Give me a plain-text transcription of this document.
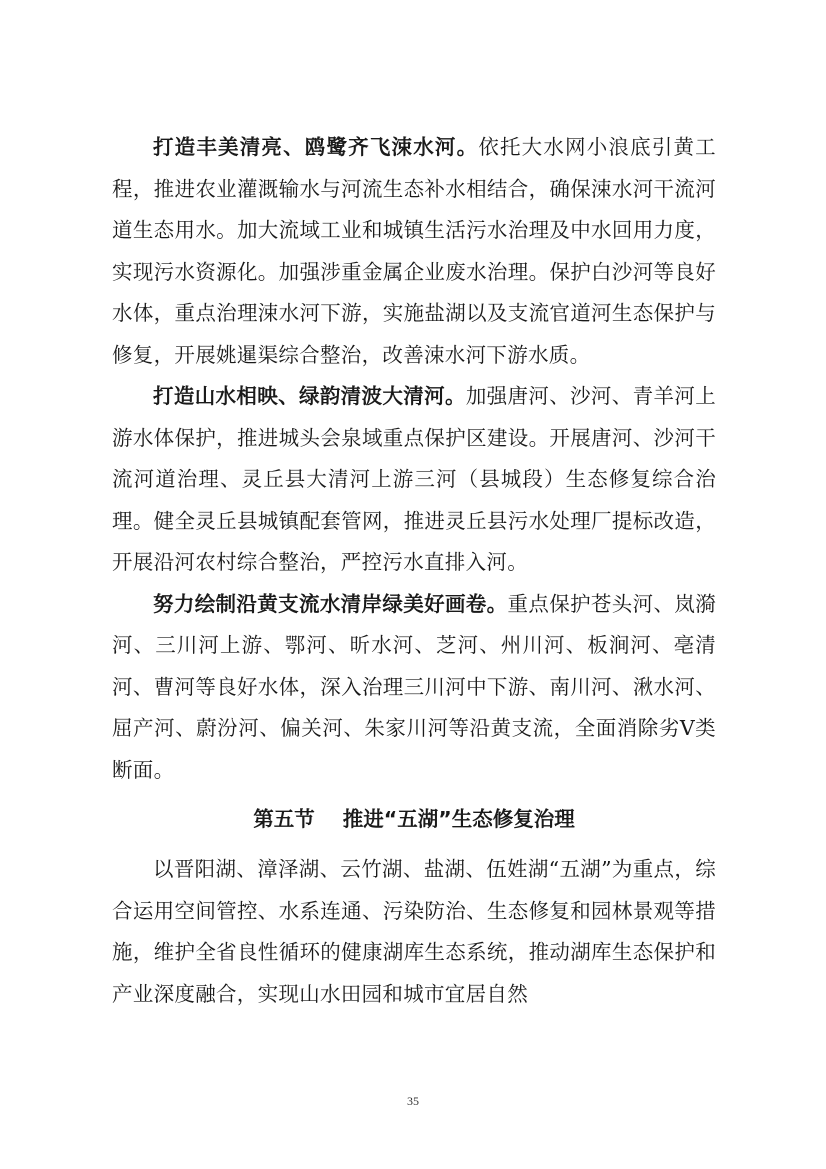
打造丰美清亮、鸥鹭齐飞涑水河。依托大水网小浪底引黄工程，推进农业灌溉输水与河流生态补水相结合，确保涑水河干流河道生态用水。加大流域工业和城镇生活污水治理及中水回用力度，实现污水资源化。加强涉重金属企业废水治理。保护白沙河等良好水体，重点治理涑水河下游，实施盐湖以及支流官道河生态保护与修复，开展姚暹渠综合整治，改善涑水河下游水质。

打造山水相映、绿韵清波大清河。加强唐河、沙河、青羊河上游水体保护，推进城头会泉域重点保护区建设。开展唐河、沙河干流河道治理、灵丘县大清河上游三河（县城段）生态修复综合治理。健全灵丘县城镇配套管网，推进灵丘县污水处理厂提标改造，开展沿河农村综合整治，严控污水直排入河。

努力绘制沿黄支流水清岸绿美好画卷。重点保护苍头河、岚漪河、三川河上游、鄂河、昕水河、芝河、州川河、板涧河、亳清河、曹河等良好水体，深入治理三川河中下游、南川河、湫水河、屈产河、蔚汾河、偏关河、朱家川河等沿黄支流，全面消除劣Ⅴ类断面。

第五节 推进“五湖”生态修复治理

以晋阳湖、漳泽湖、云竹湖、盐湖、伍姓湖“五湖”为重点，综合运用空间管控、水系连通、污染防治、生态修复和园林景观等措施，维护全省良性循环的健康湖库生态系统，推动湖库生态保护和产业深度融合，实现山水田园和城市宜居自然

35
